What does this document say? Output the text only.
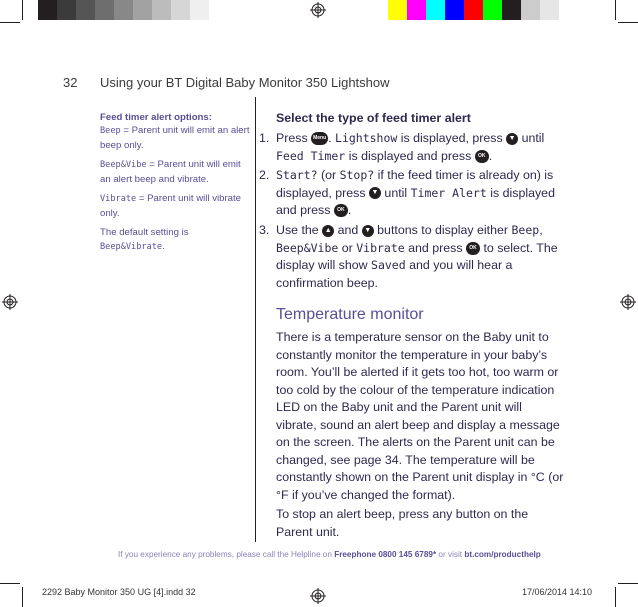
32 Using your BT Digital Baby Monitor 350 Lightshow
Feed timer alert options:
Beep = Parent unit will emit an alert beep only.
Beep&Vibe = Parent unit will emit an alert beep and vibrate.
Vibrate = Parent unit will vibrate only.
The default setting is
Beep&Vibrate.
Select the type of feed timer alert
1. Press Menu . Lightshow is displayed, press ▼ until
Feed Timer is displayed and press OK .
2. Start? (or Stop? if the feed timer is already on) is displayed, press ▼ until Timer Alert is displayed and press OK .
3. Use the ▲ and ▼ buttons to display either Beep, Beep&Vibe or Vibrate and press OK to select. The display will show Saved and you will hear a confirmation beep.
Temperature monitor
There is a temperature sensor on the Baby unit to constantly monitor the temperature in your baby’s room. You’ll be alerted if it gets too hot, too warm or too cold by the colour of the temperature indication LED on the Baby unit and the Parent unit will vibrate, sound an alert beep and display a message on the screen. The alerts on the Parent unit can be changed, see page 34. The temperature will be constantly shown on the Parent unit display in °C (or °F if you’ve changed the format).
To stop an alert beep, press any button on the Parent unit.
If you experience any problems, please call the Helpline on Freephone 0800 145 6789* or visit bt.com/producthelp
2292 Baby Monitor 350 UG [4].indd 32	17/06/2014 14:10
